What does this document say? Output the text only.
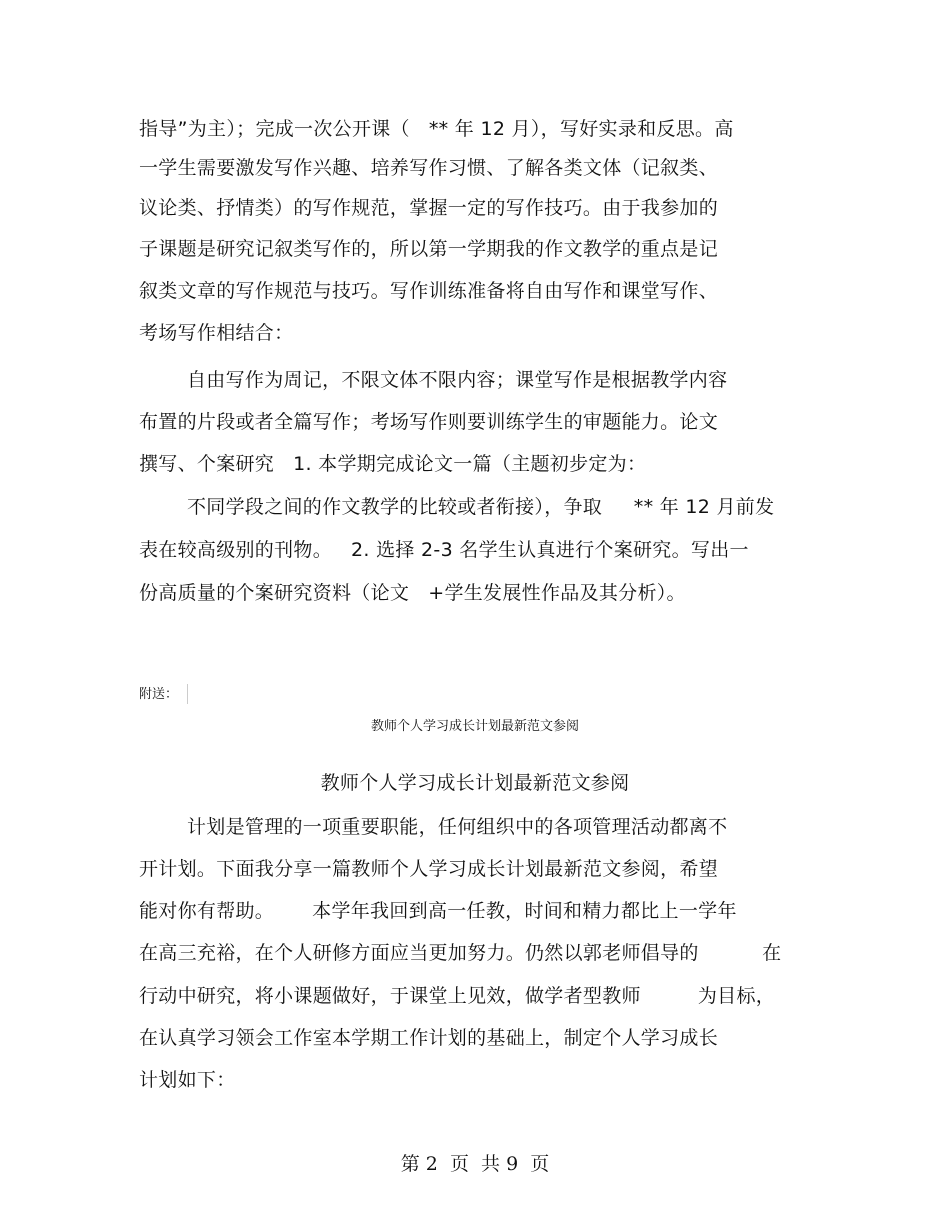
指导”为主）；完成一次公开课（   ** 年 12 月），写好实录和反思。高
一学生需要激发写作兴趣、培养写作习惯、了解各类文体（记叙类、
议论类、抒情类）的写作规范，掌握一定的写作技巧。由于我参加的
子课题是研究记叙类写作的，所以第一学期我的作文教学的重点是记
叙类文章的写作规范与技巧。写作训练准备将自由写作和课堂写作、
考场写作相结合：
自由写作为周记，不限文体不限内容；课堂写作是根据教学内容
布置的片段或者全篇写作；考场写作则要训练学生的审题能力。论文
撰写、个案研究   1. 本学期完成论文一篇（主题初步定为：
不同学段之间的作文教学的比较或者衔接），争取     ** 年 12 月前发
表在较高级别的刊物。   2. 选择 2-3 名学生认真进行个案研究。写出一
份高质量的个案研究资料（论文   +学生发展性作品及其分析）。
附送：
教师个人学习成长计划最新范文参阅
教师个人学习成长计划最新范文参阅
计划是管理的一项重要职能，任何组织中的各项管理活动都离不
开计划。下面我分享一篇教师个人学习成长计划最新范文参阅，希望
能对你有帮助。      本学年我回到高一任教，时间和精力都比上一学年
在高三充裕，在个人研修方面应当更加努力。仍然以郭老师倡导的          在
行动中研究，将小课题做好，于课堂上见效，做学者型教师         为目标，
在认真学习领会工作室本学期工作计划的基础上，制定个人学习成长
计划如下：
第 2  页  共 9  页
